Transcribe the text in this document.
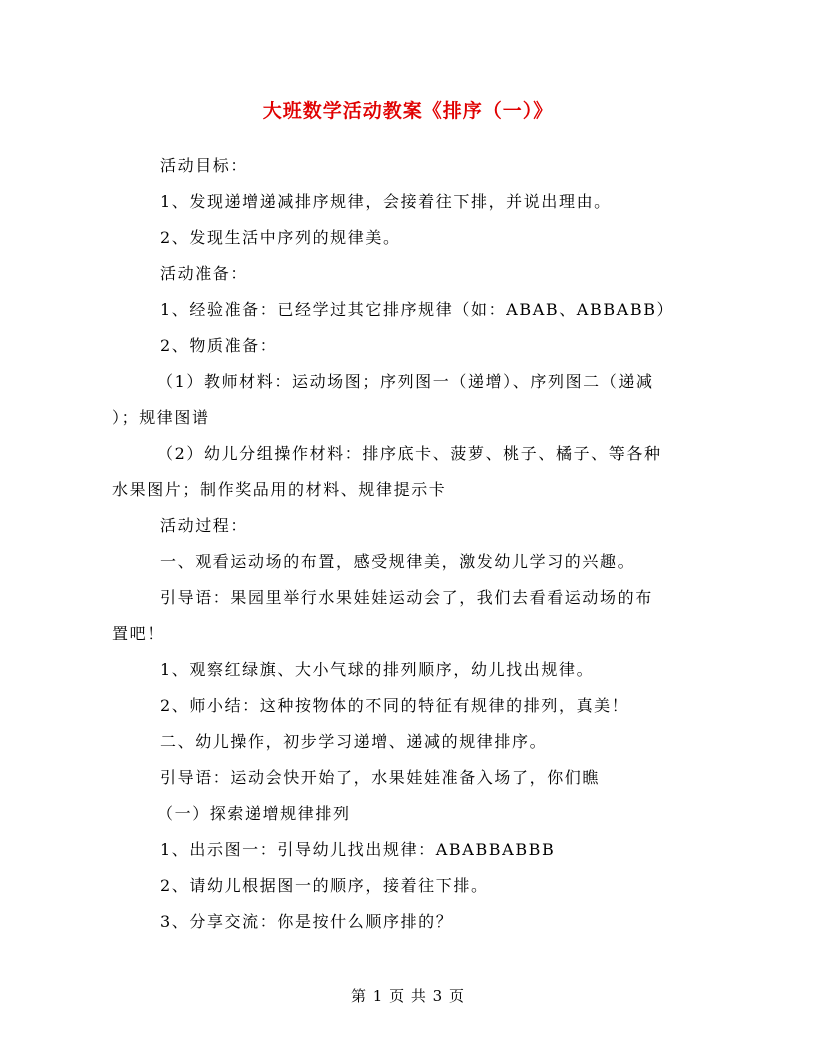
大班数学活动教案《排序（一）》
活动目标：
1、发现递增递减排序规律，会接着往下排，并说出理由。
2、发现生活中序列的规律美。
活动准备：
1、经验准备：已经学过其它排序规律（如：ABAB、ABBABB）
2、物质准备：
（1）教师材料：运动场图；序列图一（递增）、序列图二（递减
）；规律图谱
（2）幼儿分组操作材料：排序底卡、菠萝、桃子、橘子、等各种
水果图片；制作奖品用的材料、规律提示卡
活动过程：
一、观看运动场的布置，感受规律美，激发幼儿学习的兴趣。
引导语：果园里举行水果娃娃运动会了，我们去看看运动场的布
置吧！
1、观察红绿旗、大小气球的排列顺序，幼儿找出规律。
2、师小结：这种按物体的不同的特征有规律的排列，真美！
二、幼儿操作，初步学习递增、递减的规律排序。
引导语：运动会快开始了，水果娃娃准备入场了，你们瞧
（一）探索递增规律排列
1、出示图一：引导幼儿找出规律：ABABBABBB
2、请幼儿根据图一的顺序，接着往下排。
3、分享交流：你是按什么顺序排的？
第 1 页 共 3 页
